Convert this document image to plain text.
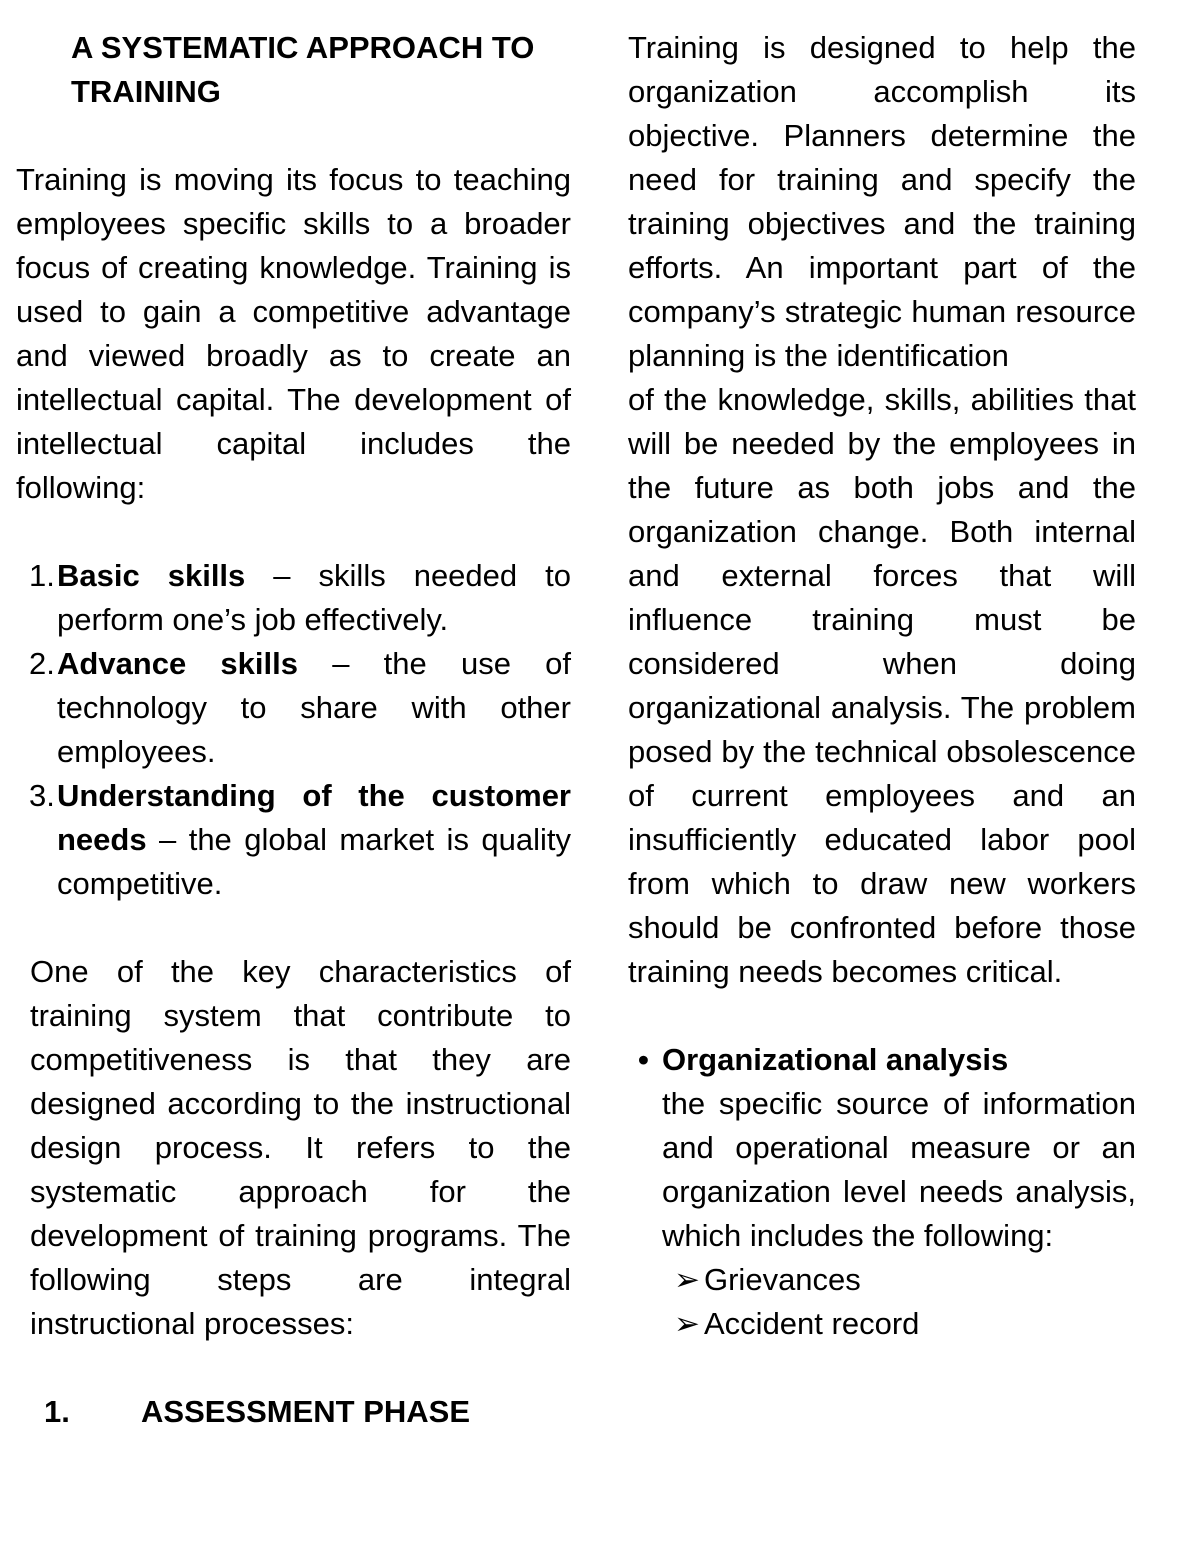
A SYSTEMATIC APPROACH TO TRAINING

Training is moving its focus to teaching employees specific skills to a broader focus of creating knowledge. Training is used to gain a competitive advantage and viewed broadly as to create an intellectual capital. The development of intellectual capital includes the following:

1. Basic skills – skills needed to perform one’s job effectively.
2. Advance skills – the use of technology to share with other employees.
3. Understanding of the customer needs – the global market is quality competitive.

One of the key characteristics of training system that contribute to competitiveness is that they are designed according to the instructional design process. It refers to the systematic approach for the development of training programs. The following steps are integral instructional processes:

1. ASSESSMENT PHASE

Training is designed to help the organization accomplish its objective. Planners determine the need for training and specify the training objectives and the training efforts. An important part of the company’s strategic human resource planning is the identification

of the knowledge, skills, abilities that will be needed by the employees in the future as both jobs and the organization change. Both internal and external forces that will influence training must be considered when doing organizational analysis. The problem posed by the technical obsolescence of current employees and an insufficiently educated labor pool from which to draw new workers should be confronted before those training needs becomes critical.

• Organizational analysis

the specific source of information and operational measure or an organization level needs analysis, which includes the following:

➢ Grievances
➢ Accident record
